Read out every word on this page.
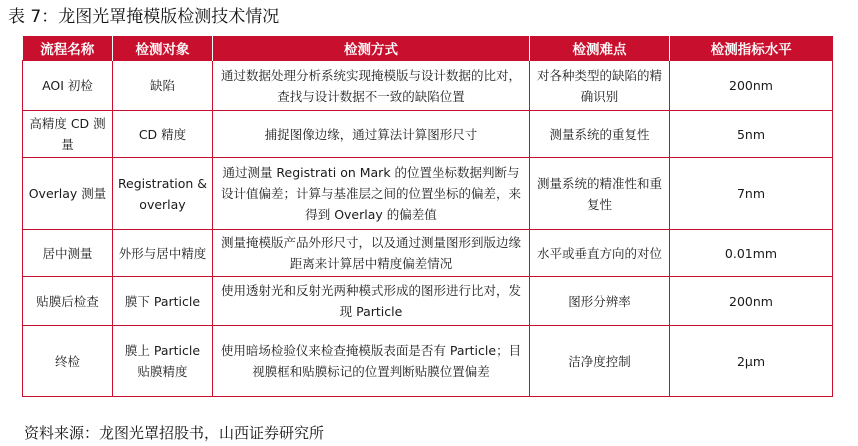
表 7：龙图光罩掩模版检测技术情况
流程名称	检测对象	检测方式	检测难点	检测指标水平
AOI 初检	缺陷	通过数据处理分析系统实现掩模版与设计数据的比对，查找与设计数据不一致的缺陷位置	对各种类型的缺陷的精确识别	200nm
高精度 CD 测量	CD 精度	捕捉图像边缘，通过算法计算图形尺寸	测量系统的重复性	5nm
Overlay 测量	Registration & overlay	通过测量 Registrati on Mark 的位置坐标数据判断与设计值偏差；计算与基准层之间的位置坐标的偏差，来得到 Overlay 的偏差值	测量系统的精准性和重复性	7nm
居中测量	外形与居中精度	测量掩模版产品外形尺寸，以及通过测量图形到版边缘距离来计算居中精度偏差情况	水平或垂直方向的对位	0.01mm
贴膜后检查	膜下 Particle	使用透射光和反射光两种模式形成的图形进行比对，发现 Particle	图形分辨率	200nm
终检	膜上 Particle 贴膜精度	使用暗场检验仪来检查掩模版表面是否有 Particle；目视膜框和贴膜标记的位置判断贴膜位置偏差	洁净度控制	2μm
资料来源：龙图光罩招股书，山西证券研究所
